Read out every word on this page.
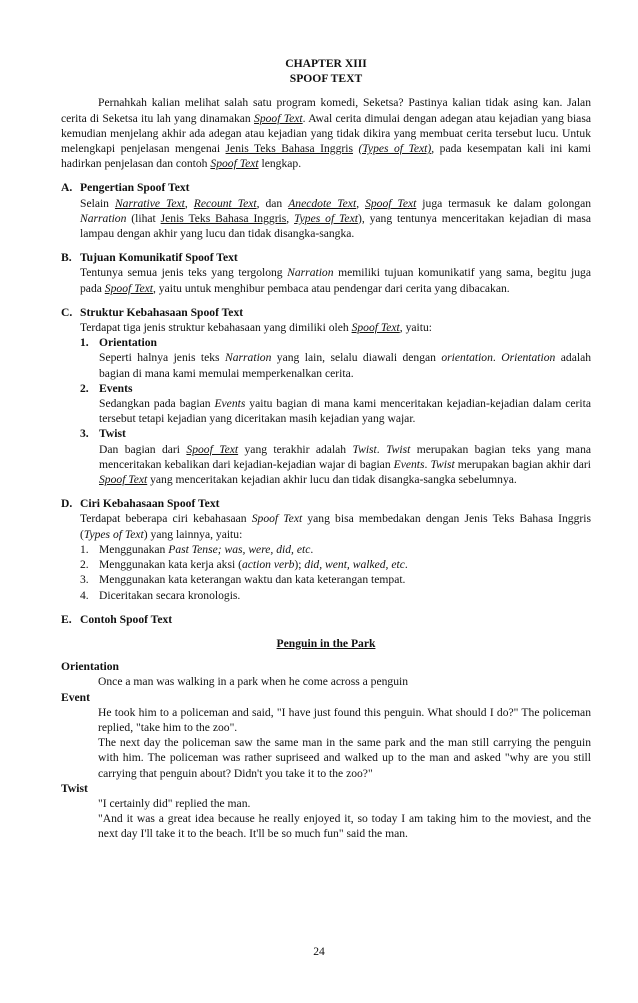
CHAPTER XIII
SPOOF TEXT

Pernahkah kalian melihat salah satu program komedi, Seketsa? Pastinya kalian tidak asing kan. Jalan cerita di Seketsa itu lah yang dinamakan Spoof Text. Awal cerita dimulai dengan adegan atau kejadian yang biasa kemudian menjelang akhir ada adegan atau kejadian yang tidak dikira yang membuat cerita tersebut lucu. Untuk melengkapi penjelasan mengenai Jenis Teks Bahasa Inggris (Types of Text), pada kesempatan kali ini kami hadirkan penjelasan dan contoh Spoof Text lengkap.

A. Pengertian Spoof Text

Selain Narrative Text, Recount Text, dan Anecdote Text, Spoof Text juga termasuk ke dalam golongan Narration (lihat Jenis Teks Bahasa Inggris, Types of Text), yang tentunya menceritakan kejadian di masa lampau dengan akhir yang lucu dan tidak disangka-sangka.

B. Tujuan Komunikatif Spoof Text

Tentunya semua jenis teks yang tergolong Narration memiliki tujuan komunikatif yang sama, begitu juga pada Spoof Text, yaitu untuk menghibur pembaca atau pendengar dari cerita yang dibacakan.

C. Struktur Kebahasaan Spoof Text

Terdapat tiga jenis struktur kebahasaan yang dimiliki oleh Spoof Text, yaitu:

1. Orientation

Seperti halnya jenis teks Narration yang lain, selalu diawali dengan orientation. Orientation adalah bagian di mana kami memulai memperkenalkan cerita.

2. Events

Sedangkan pada bagian Events yaitu bagian di mana kami menceritakan kejadian-kejadian dalam cerita tersebut tetapi kejadian yang diceritakan masih kejadian yang wajar.

3. Twist

Dan bagian dari Spoof Text yang terakhir adalah Twist. Twist merupakan bagian teks yang mana menceritakan kebalikan dari kejadian-kejadian wajar di bagian Events. Twist merupakan bagian akhir dari Spoof Text yang menceritakan kejadian akhir lucu dan tidak disangka-sangka sebelumnya.

D. Ciri Kebahasaan Spoof Text

Terdapat beberapa ciri kebahasaan Spoof Text yang bisa membedakan dengan Jenis Teks Bahasa Inggris (Types of Text) yang lainnya, yaitu:

1. Menggunakan Past Tense; was, were, did, etc.
2. Menggunakan kata kerja aksi (action verb); did, went, walked, etc.
3. Menggunakan kata keterangan waktu dan kata keterangan tempat.
4. Diceritakan secara kronologis.
E. Contoh Spoof Text
Penguin in the Park
Orientation

Once a man was walking in a park when he come across a penguin

Event

He took him to a policeman and said, "I have just found this penguin. What should I do?" The policeman replied, "take him to the zoo".

The next day the policeman saw the same man in the same park and the man still carrying the penguin with him. The policeman was rather supriseed and walked up to the man and asked "why are you still carrying that penguin about? Didn't you take it to the zoo?"

Twist

"I certainly did" replied the man.

"And it was a great idea because he really enjoyed it, so today I am taking him to the moviest, and the next day I'll take it to the beach. It'll be so much fun" said the man.

24
